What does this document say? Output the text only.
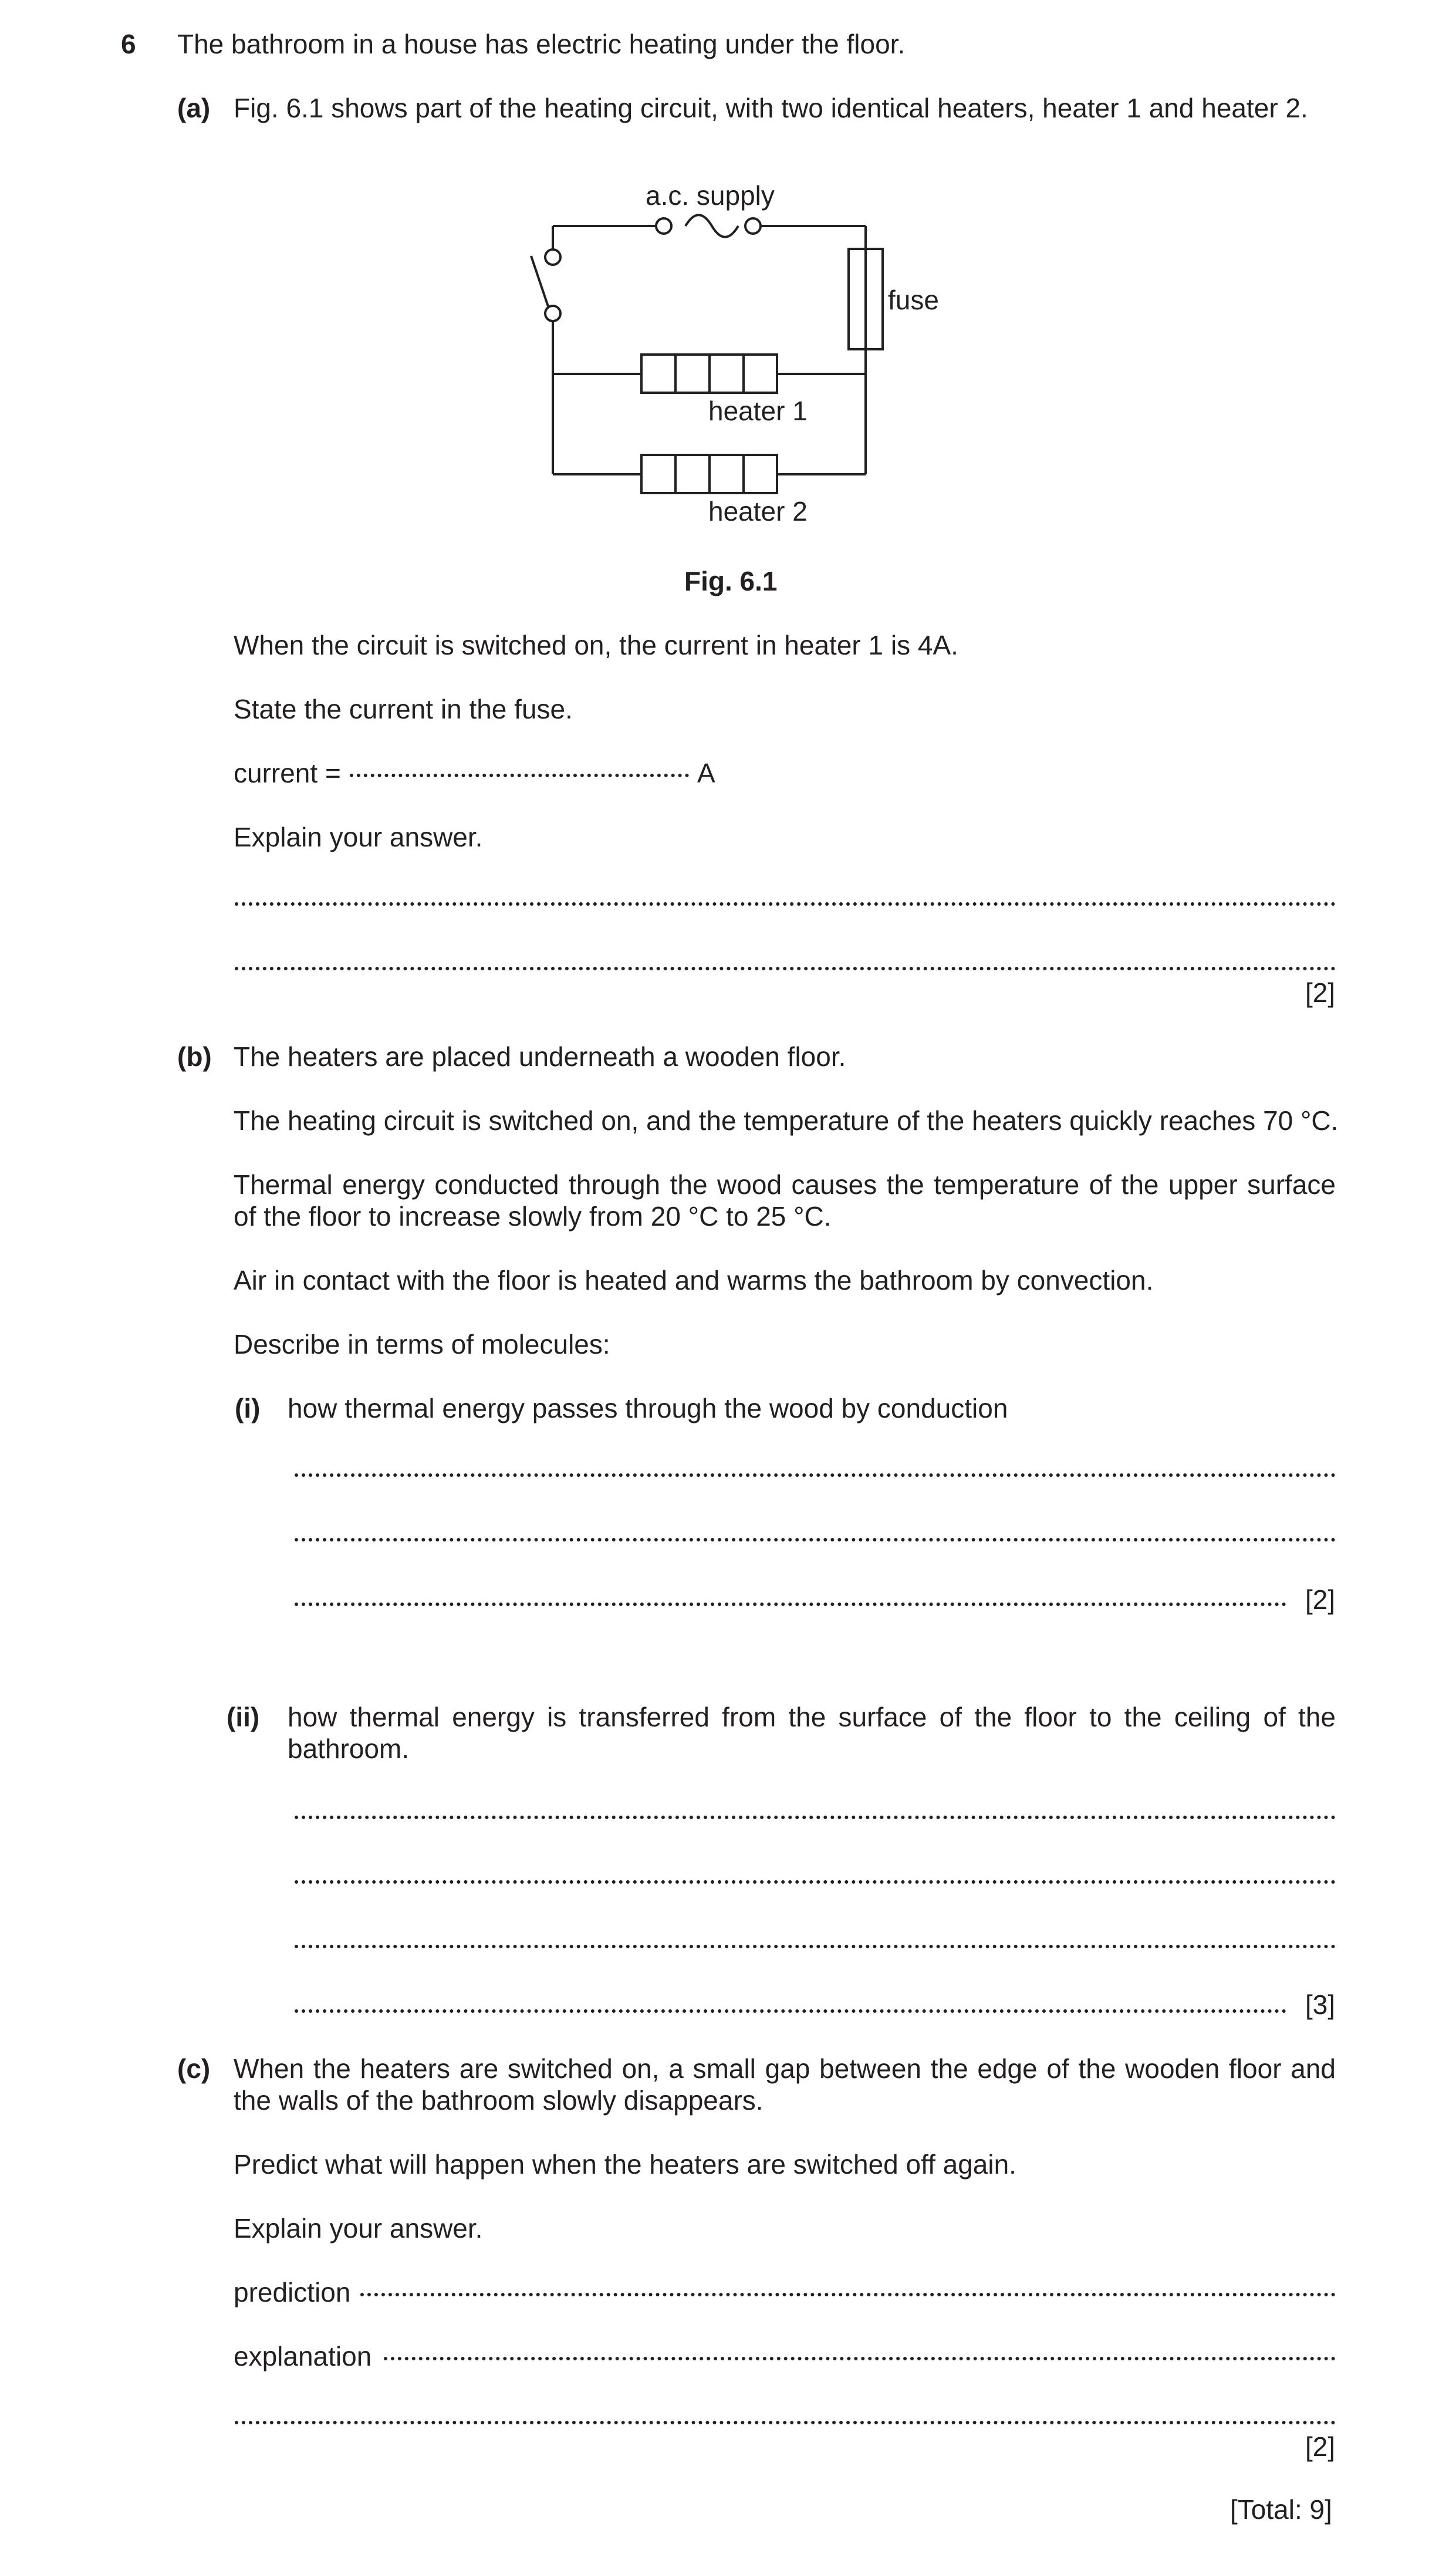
6 The bathroom in a house has electric heating under the floor.
(a) Fig. 6.1 shows part of the heating circuit, with two identical heaters, heater 1 and heater 2.
a.c. supply
fuse
heater 1
heater 2
Fig. 6.1
When the circuit is switched on, the current in heater 1 is 4A.
State the current in the fuse.
current =	A
Explain your answer.
[2]
(b) The heaters are placed underneath a wooden floor.
The heating circuit is switched on, and the temperature of the heaters quickly reaches 70 °C.
Thermal energy conducted through the wood causes the temperature of the upper surface of the floor to increase slowly from 20 °C to 25 °C.
Air in contact with the floor is heated and warms the bathroom by convection.
Describe in terms of molecules:
(i) how thermal energy passes through the wood by conduction
[2]
(ii) how thermal energy is transferred from the surface of the floor to the ceiling of the bathroom.
[3]
(c) When the heaters are switched on, a small gap between the edge of the wooden floor and the walls of the bathroom slowly disappears.
Predict what will happen when the heaters are switched off again.
Explain your answer.
prediction
explanation
[2]
[Total: 9]
